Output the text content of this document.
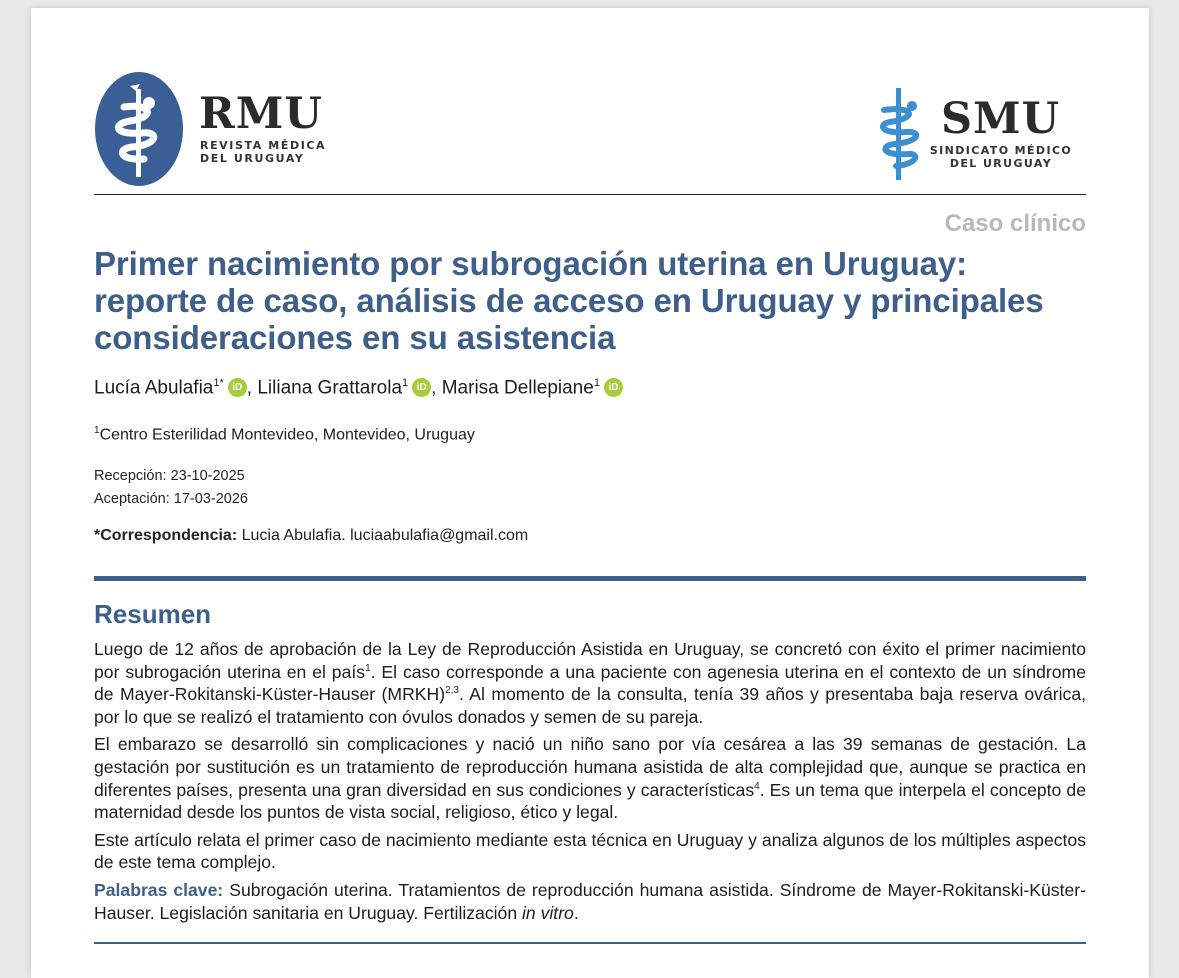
RMU
REVISTA MÉDICA
DEL URUGUAY
SMU
SINDICATO MÉDICO
DEL URUGUAY
Caso clínico
Primer nacimiento por subrogación uterina en Uruguay: reporte de caso, análisis de acceso en Uruguay y principales consideraciones en su asistencia
Lucía Abulafia$^{1*}$ iD , Liliana Grattarola$^1$ iD , Marisa Dellepiane$^1$ iD
$^1$Centro Esterilidad Montevideo, Montevideo, Uruguay
Recepción: 23-10-2025
Aceptación: 17-03-2026
*Correspondencia: Lucia Abulafia. luciaabulafia@gmail.com
Resumen

Luego de 12 años de aprobación de la Ley de Reproducción Asistida en Uruguay, se concretó con éxito el primer nacimiento por subrogación uterina en el país$^1$. El caso corresponde a una paciente con agenesia uterina en el contexto de un síndrome de Mayer-Rokitanski-Küster-Hauser (MRKH)$^{2,3}$. Al momento de la consulta, tenía 39 años y presentaba baja reserva ovárica, por lo que se realizó el tratamiento con óvulos donados y semen de su pareja.

El embarazo se desarrolló sin complicaciones y nació un niño sano por vía cesárea a las 39 semanas de gestación. La gestación por sustitución es un tratamiento de reproducción humana asistida de alta complejidad que, aunque se practica en diferentes países, presenta una gran diversidad en sus condiciones y características$^4$. Es un tema que interpela el concepto de maternidad desde los puntos de vista social, religioso, ético y legal.

Este artículo relata el primer caso de nacimiento mediante esta técnica en Uruguay y analiza algunos de los múltiples aspectos de este tema complejo.

Palabras clave: Subrogación uterina. Tratamientos de reproducción humana asistida. Síndrome de Mayer-Rokitanski-Küster-Hauser. Legislación sanitaria en Uruguay. Fertilización in vitro.
